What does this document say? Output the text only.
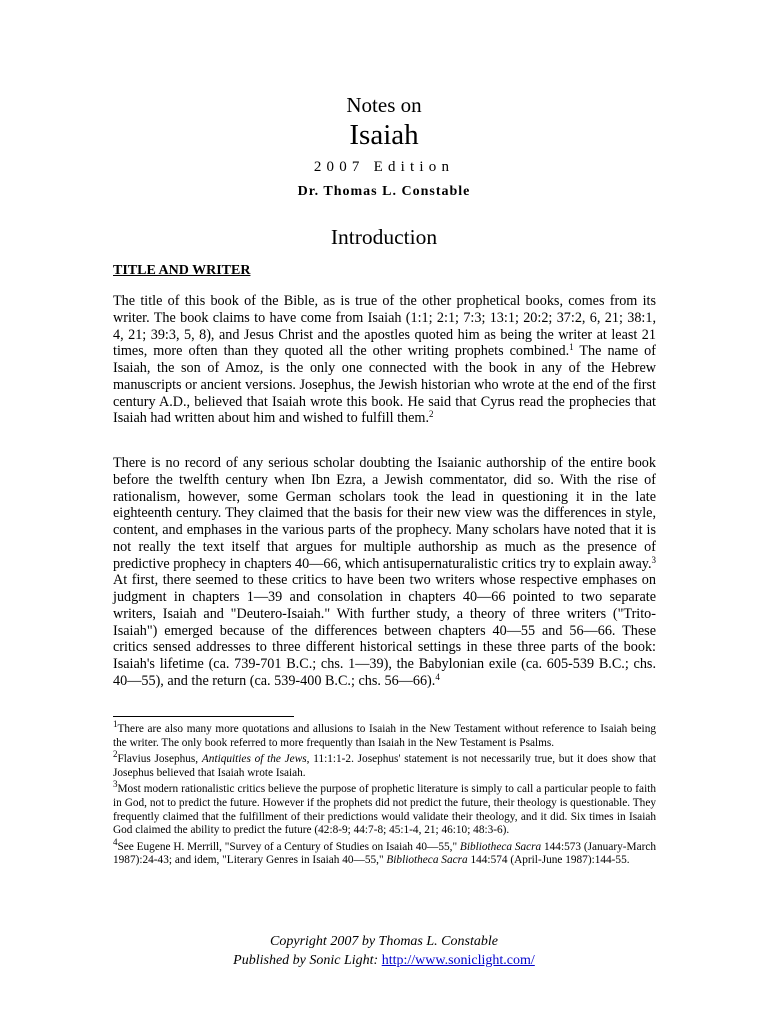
Notes on
Isaiah
2007 Edition
Dr. Thomas L. Constable
Introduction
TITLE AND WRITER

The title of this book of the Bible, as is true of the other prophetical books, comes from its writer. The book claims to have come from Isaiah (1:1; 2:1; 7:3; 13:1; 20:2; 37:2, 6, 21; 38:1, 4, 21; 39:3, 5, 8), and Jesus Christ and the apostles quoted him as being the writer at least 21 times, more often than they quoted all the other writing prophets combined.$^1$ The name of Isaiah, the son of Amoz, is the only one connected with the book in any of the Hebrew manuscripts or ancient versions. Josephus, the Jewish historian who wrote at the end of the first century A.D., believed that Isaiah wrote this book. He said that Cyrus read the prophecies that Isaiah had written about him and wished to fulfill them.$^2$

There is no record of any serious scholar doubting the Isaianic authorship of the entire book before the twelfth century when Ibn Ezra, a Jewish commentator, did so. With the rise of rationalism, however, some German scholars took the lead in questioning it in the late eighteenth century. They claimed that the basis for their new view was the differences in style, content, and emphases in the various parts of the prophecy. Many scholars have noted that it is not really the text itself that argues for multiple authorship as much as the presence of predictive prophecy in chapters 40—66, which antisupernaturalistic critics try to explain away.$^3$ At first, there seemed to these critics to have been two writers whose respective emphases on judgment in chapters 1—39 and consolation in chapters 40—66 pointed to two separate writers, Isaiah and "Deutero-Isaiah." With further study, a theory of three writers ("Trito-Isaiah") emerged because of the differences between chapters 40—55 and 56—66. These critics sensed addresses to three different historical settings in these three parts of the book: Isaiah's lifetime (ca. 739-701 B.C.; chs. 1—39), the Babylonian exile (ca. 605-539 B.C.; chs. 40—55), and the return (ca. 539-400 B.C.; chs. 56—66).$^4$

$^1$There are also many more quotations and allusions to Isaiah in the New Testament without reference to Isaiah being the writer. The only book referred to more frequently than Isaiah in the New Testament is Psalms.

$^2$Flavius Josephus, Antiquities of the Jews, 11:1:1-2. Josephus' statement is not necessarily true, but it does show that Josephus believed that Isaiah wrote Isaiah.

$^3$Most modern rationalistic critics believe the purpose of prophetic literature is simply to call a particular people to faith in God, not to predict the future. However if the prophets did not predict the future, their theology is questionable. They frequently claimed that the fulfillment of their predictions would validate their theology, and it did. Six times in Isaiah God claimed the ability to predict the future (42:8-9; 44:7-8; 45:1-4, 21; 46:10; 48:3-6).

$^4$See Eugene H. Merrill, "Survey of a Century of Studies on Isaiah 40—55," Bibliotheca Sacra 144:573 (January-March 1987):24-43; and idem, "Literary Genres in Isaiah 40—55," Bibliotheca Sacra 144:574 (April-June 1987):144-55.

Copyright 2007 by Thomas L. Constable
Published by Sonic Light: http://www.soniclight.com/
